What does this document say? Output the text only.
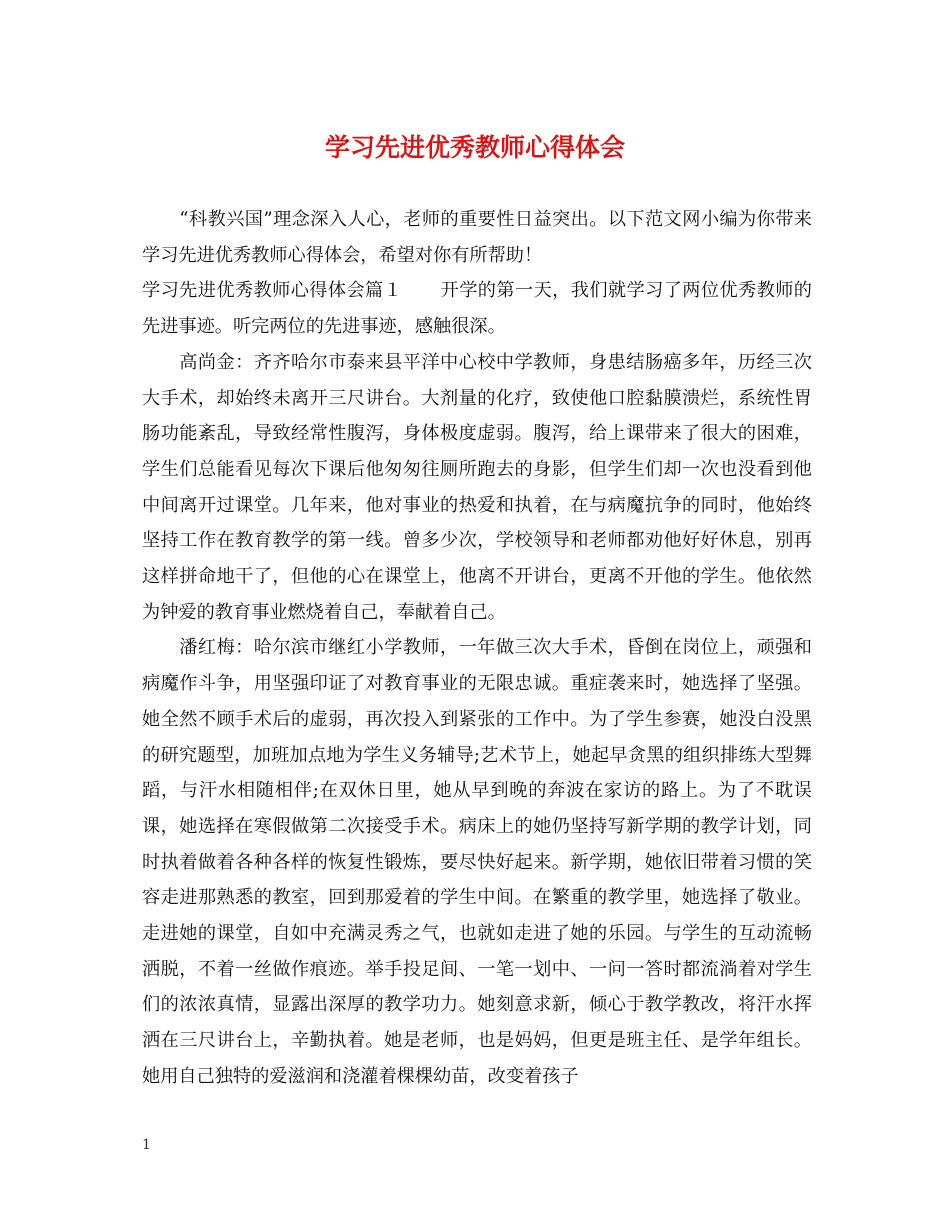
学习先进优秀教师心得体会

“科教兴国”理念深入人心，老师的重要性日益突出。以下范文网小编为你带来学习先进优秀教师心得体会，希望对你有所帮助！

学习先进优秀教师心得体会篇１ 开学的第一天，我们就学习了两位优秀教师的先进事迹。听完两位的先进事迹，感触很深。

高尚金：齐齐哈尔市泰来县平洋中心校中学教师，身患结肠癌多年，历经三次大手术，却始终未离开三尺讲台。大剂量的化疗，致使他口腔黏膜溃烂，系统性胃肠功能紊乱，导致经常性腹泻，身体极度虚弱。腹泻，给上课带来了很大的困难，学生们总能看见每次下课后他匆匆往厕所跑去的身影，但学生们却一次也没看到他中间离开过课堂。几年来，他对事业的热爱和执着，在与病魔抗争的同时，他始终坚持工作在教育教学的第一线。曾多少次，学校领导和老师都劝他好好休息，别再这样拼命地干了，但他的心在课堂上，他离不开讲台，更离不开他的学生。他依然为钟爱的教育事业燃烧着自己，奉献着自己。

潘红梅：哈尔滨市继红小学教师，一年做三次大手术，昏倒在岗位上，顽强和病魔作斗争，用坚强印证了对教育事业的无限忠诚。重症袭来时，她选择了坚强。她全然不顾手术后的虚弱，再次投入到紧张的工作中。为了学生参赛，她没白没黑的研究题型，加班加点地为学生义务辅导;艺术节上，她起早贪黑的组织排练大型舞蹈，与汗水相随相伴;在双休日里，她从早到晚的奔波在家访的路上。为了不耽误课，她选择在寒假做第二次接受手术。病床上的她仍坚持写新学期的教学计划，同时执着做着各种各样的恢复性锻炼，要尽快好起来。新学期，她依旧带着习惯的笑容走进那熟悉的教室，回到那爱着的学生中间。在繁重的教学里，她选择了敬业。走进她的课堂，自如中充满灵秀之气，也就如走进了她的乐园。与学生的互动流畅洒脱，不着一丝做作痕迹。举手投足间、一笔一划中、一问一答时都流淌着对学生们的浓浓真情，显露出深厚的教学功力。她刻意求新，倾心于教学教改，将汗水挥洒在三尺讲台上，辛勤执着。她是老师，也是妈妈，但更是班主任、是学年组长。她用自己独特的爱滋润和浇灌着棵棵幼苗，改变着孩子

1
